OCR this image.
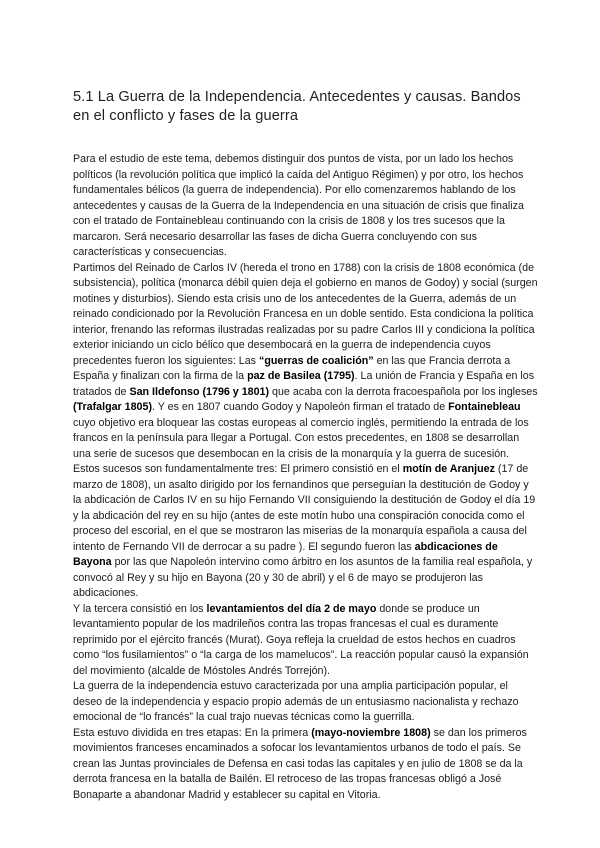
5.1 La Guerra de la Independencia. Antecedentes y causas. Bandos en el conflicto y fases de la guerra

Para el estudio de este tema, debemos distinguir dos puntos de vista, por un lado los hechos políticos (la revolución política que implicó la caída del Antiguo Régimen) y por otro, los hechos fundamentales bélicos (la guerra de independencia). Por ello comenzaremos hablando de los antecedentes y causas de la Guerra de la Independencia en una situación de crisis que finaliza con el tratado de Fontainebleau continuando con la crisis de 1808 y los tres sucesos que la marcaron. Será necesario desarrollar las fases de dicha Guerra concluyendo con sus características y consecuencias.

Partimos del Reinado de Carlos IV (hereda el trono en 1788) con la crisis de 1808 económica (de subsistencia), política (monarca débil quien deja el gobierno en manos de Godoy) y social (surgen motines y disturbios). Siendo esta crisis uno de los antecedentes de la Guerra, además de un reinado condicionado por la Revolución Francesa en un doble sentido. Esta condiciona la política interior, frenando las reformas ilustradas realizadas por su padre Carlos III y condiciona la política exterior iniciando un ciclo bélico que desembocará en la guerra de independencia cuyos precedentes fueron los siguientes: Las “guerras de coalición” en las que Francia derrota a España y finalizan con la firma de la paz de Basilea (1795). La unión de Francia y España en los tratados de San Ildefonso (1796 y 1801) que acaba con la derrota fracoespañola por los ingleses (Trafalgar 1805). Y es en 1807 cuando Godoy y Napoleón firman el tratado de Fontainebleau cuyo objetivo era bloquear las costas europeas al comercio inglés, permitiendo la entrada de los francos en la península para llegar a Portugal. Con estos precedentes, en 1808 se desarrollan una serie de sucesos que desembocan en la crisis de la monarquía y la guerra de sucesión. Estos sucesos son fundamentalmente tres: El primero consistió en el motín de Aranjuez (17 de marzo de 1808), un asalto dirigido por los fernandinos que perseguían la destitución de Godoy y la abdicación de Carlos IV en su hijo Fernando VII consiguiendo la destitución de Godoy el día 19 y la abdicación del rey en su hijo (antes de este motín hubo una conspiración conocida como el proceso del escorial, en el que se mostraron las miserias de la monarquía española a causa del intento de Fernando VII de derrocar a su padre ). El segundo fueron las abdicaciones de Bayona por las que Napoleón intervino como árbitro en los asuntos de la familia real española, y convocó al Rey y su hijo en Bayona (20 y 30 de abril) y el 6 de mayo se produjeron las abdicaciones.

Y la tercera consistió en los levantamientos del día 2 de mayo donde se produce un levantamiento popular de los madrileños contra las tropas francesas el cual es duramente reprimido por el ejército francés (Murat). Goya refleja la crueldad de estos hechos en cuadros como “los fusilamientos” o “la carga de los mamelucos”. La reacción popular causó la expansión del movimiento (alcalde de Móstoles Andrés Torrejón).

La guerra de la independencia estuvo caracterizada por una amplia participación popular, el deseo de la independencia y espacio propio además de un entusiasmo nacionalista y rechazo emocional de “lo francés” la cual trajo nuevas técnicas como la guerrilla.

Esta estuvo dividida en tres etapas: En la primera (mayo-noviembre 1808) se dan los primeros movimientos franceses encaminados a sofocar los levantamientos urbanos de todo el país. Se crean las Juntas provinciales de Defensa en casi todas las capitales y en julio de 1808 se da la derrota francesa en la batalla de Bailén. El retroceso de las tropas francesas obligó a José Bonaparte a abandonar Madrid y establecer su capital en Vitoria.
